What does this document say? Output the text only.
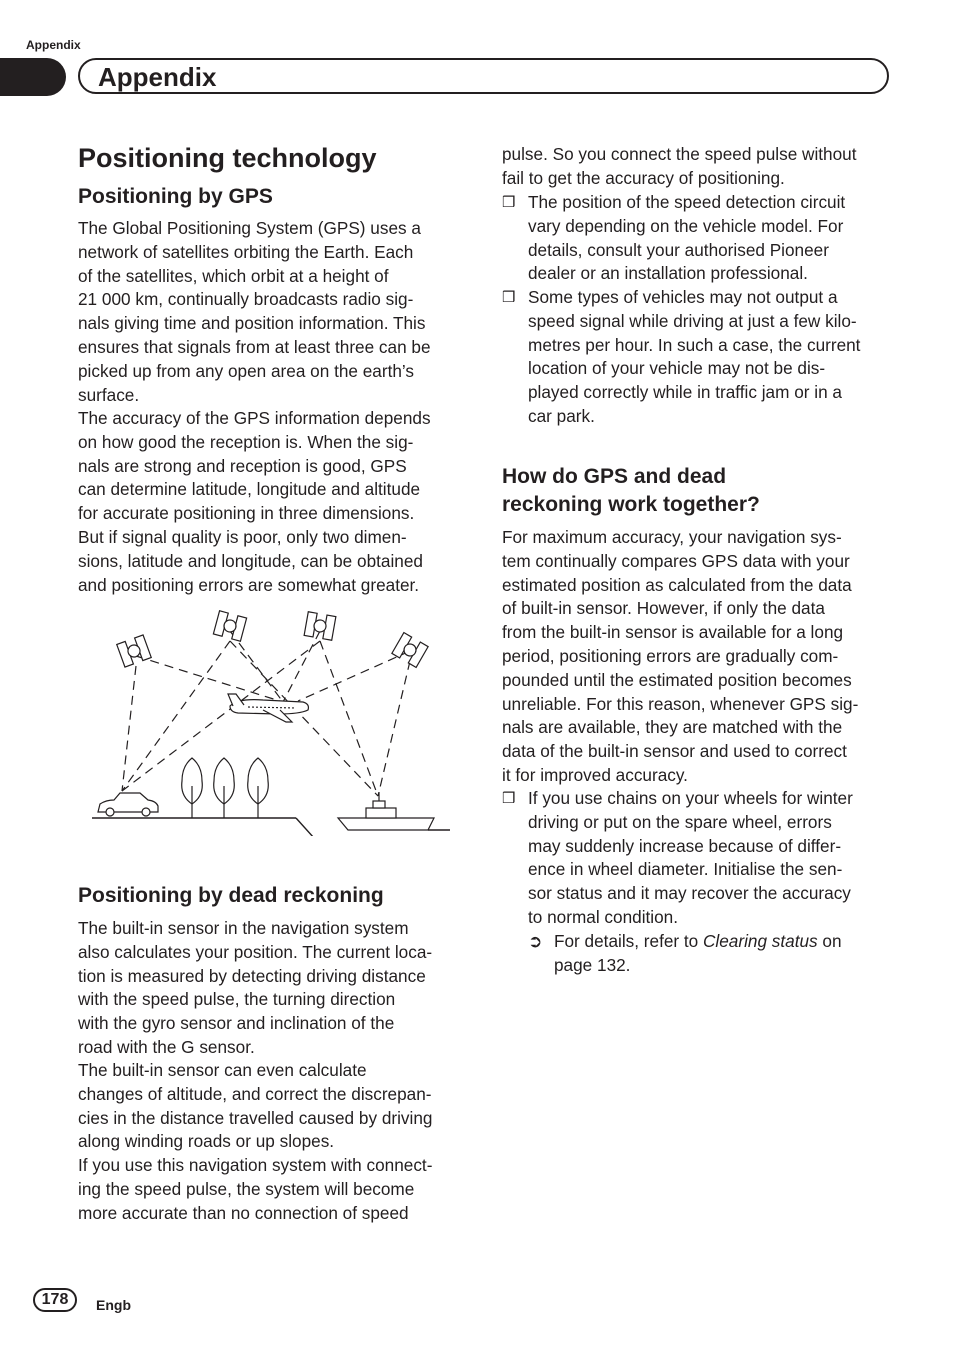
Appendix
Appendix
Positioning technology
Positioning by GPS
The Global Positioning System (GPS) uses a
network of satellites orbiting the Earth. Each
of the satellites, which orbit at a height of
21 000 km, continually broadcasts radio sig-
nals giving time and position information. This
ensures that signals from at least three can be
picked up from any open area on the earth’s
surface.
The accuracy of the GPS information depends
on how good the reception is. When the sig-
nals are strong and reception is good, GPS
can determine latitude, longitude and altitude
for accurate positioning in three dimensions.
But if signal quality is poor, only two dimen-
sions, latitude and longitude, can be obtained
and positioning errors are somewhat greater.
Positioning by dead reckoning
The built-in sensor in the navigation system
also calculates your position. The current loca-
tion is measured by detecting driving distance
with the speed pulse, the turning direction
with the gyro sensor and inclination of the
road with the G sensor.
The built-in sensor can even calculate
changes of altitude, and correct the discrepan-
cies in the distance travelled caused by driving
along winding roads or up slopes.
If you use this navigation system with connect-
ing the speed pulse, the system will become
more accurate than no connection of speed
pulse. So you connect the speed pulse without
fail to get the accuracy of positioning.
❒ The position of the speed detection circuit
vary depending on the vehicle model. For
details, consult your authorised Pioneer
dealer or an installation professional.
❒ Some types of vehicles may not output a
speed signal while driving at just a few kilo-
metres per hour. In such a case, the current
location of your vehicle may not be dis-
played correctly while in traffic jam or in a
car park.
How do GPS and dead
reckoning work together?
For maximum accuracy, your navigation sys-
tem continually compares GPS data with your
estimated position as calculated from the data
of built-in sensor. However, if only the data
from the built-in sensor is available for a long
period, positioning errors are gradually com-
pounded until the estimated position becomes
unreliable. For this reason, whenever GPS sig-
nals are available, they are matched with the
data of the built-in sensor and used to correct
it for improved accuracy.
❒ If you use chains on your wheels for winter
driving or put on the spare wheel, errors
may suddenly increase because of differ-
ence in wheel diameter. Initialise the sen-
sor status and it may recover the accuracy
to normal condition.
➲ For details, refer to Clearing status on
page 132.
178	Engb
